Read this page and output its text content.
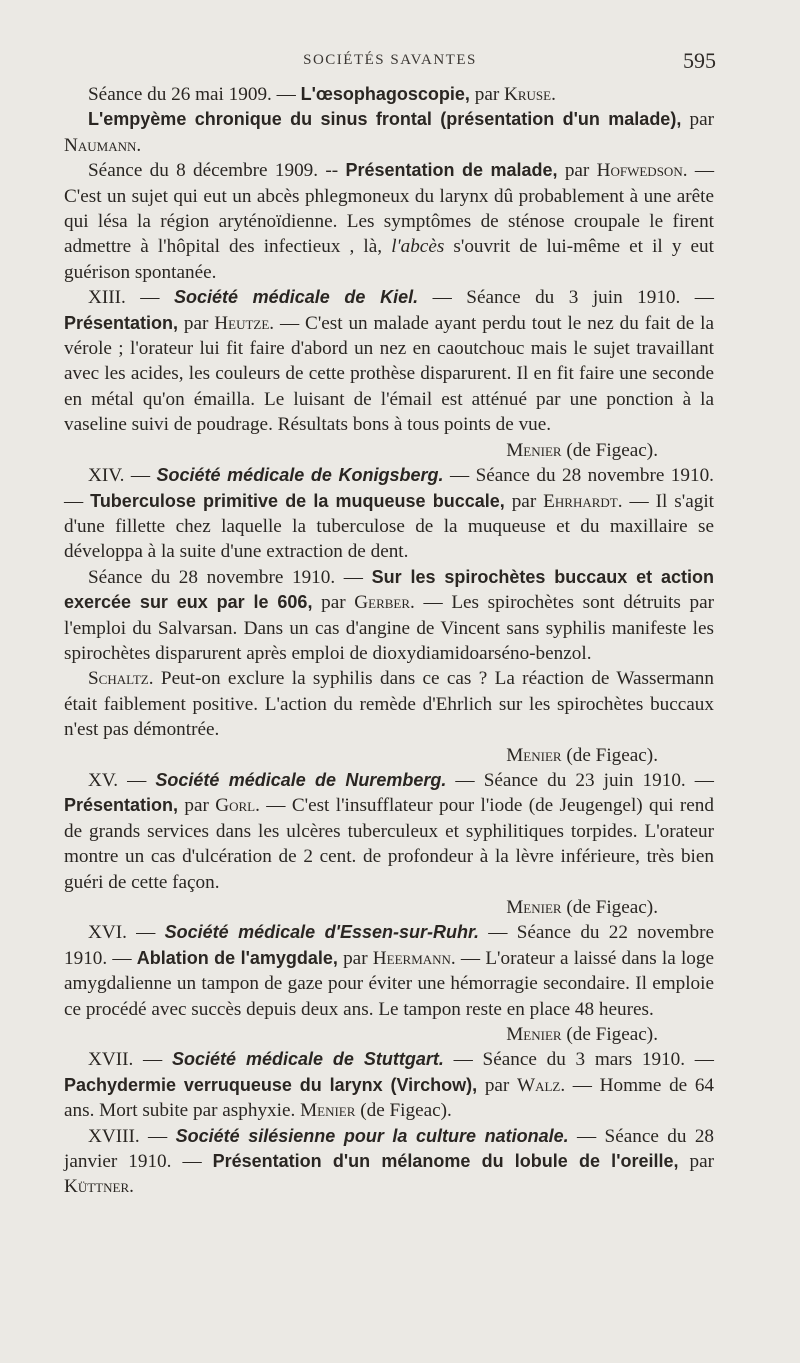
SOCIÉTÉS SAVANTES	595

Séance du 26 mai 1909. — L'œsophagoscopie, par Kruse.

L'empyème chronique du sinus frontal (présentation d'un malade), par Naumann.

Séance du 8 décembre 1909. -- Présentation de malade, par Hofwedson. — C'est un sujet qui eut un abcès phlegmoneux du larynx dû probablement à une arête qui lésa la région aryténoïdienne. Les symptômes de sténose croupale le firent admettre à l'hôpital des infectieux , là, l'abcès s'ouvrit de lui-même et il y eut guérison spontanée.

XIII. — Société médicale de Kiel. — Séance du 3 juin 1910. — Présentation, par Heutze. — C'est un malade ayant perdu tout le nez du fait de la vérole ; l'orateur lui fit faire d'abord un nez en caoutchouc mais le sujet travaillant avec les acides, les couleurs de cette prothèse disparurent. Il en fit faire une seconde en métal qu'on émailla. Le luisant de l'émail est atténué par une ponction à la vaseline suivi de poudrage. Résultats bons à tous points de vue.

Menier (de Figeac).

XIV. — Société médicale de Konigsberg. — Séance du 28 novembre 1910. — Tuberculose primitive de la muqueuse buccale, par Ehrhardt. — Il s'agit d'une fillette chez laquelle la tuberculose de la muqueuse et du maxillaire se développa à la suite d'une extraction de dent.

Séance du 28 novembre 1910. — Sur les spirochètes buccaux et action exercée sur eux par le 606, par Gerber. — Les spirochètes sont détruits par l'emploi du Salvarsan. Dans un cas d'angine de Vincent sans syphilis manifeste les spirochètes disparurent après emploi de dioxydiamidoarséno-benzol.

Schaltz. Peut-on exclure la syphilis dans ce cas ? La réaction de Wassermann était faiblement positive. L'action du remède d'Ehrlich sur les spirochètes buccaux n'est pas démontrée.

Menier (de Figeac).

XV. — Société médicale de Nuremberg. — Séance du 23 juin 1910. — Présentation, par Gorl. — C'est l'insufflateur pour l'iode (de Jeugengel) qui rend de grands services dans les ulcères tuberculeux et syphilitiques torpides. L'orateur montre un cas d'ulcération de 2 cent. de profondeur à la lèvre inférieure, très bien guéri de cette façon.

Menier (de Figeac).

XVI. — Société médicale d'Essen-sur-Ruhr. — Séance du 22 novembre 1910. — Ablation de l'amygdale, par Heermann. — L'orateur a laissé dans la loge amygdalienne un tampon de gaze pour éviter une hémorragie secondaire. Il emploie ce procédé avec succès depuis deux ans. Le tampon reste en place 48 heures.

Menier (de Figeac).

XVII. — Société médicale de Stuttgart. — Séance du 3 mars 1910. — Pachydermie verruqueuse du larynx (Virchow), par Walz. — Homme de 64 ans. Mort subite par asphyxie. Menier (de Figeac).

XVIII. — Société silésienne pour la culture nationale. — Séance du 28 janvier 1910. — Présentation d'un mélanome du lobule de l'oreille, par Küttner.
